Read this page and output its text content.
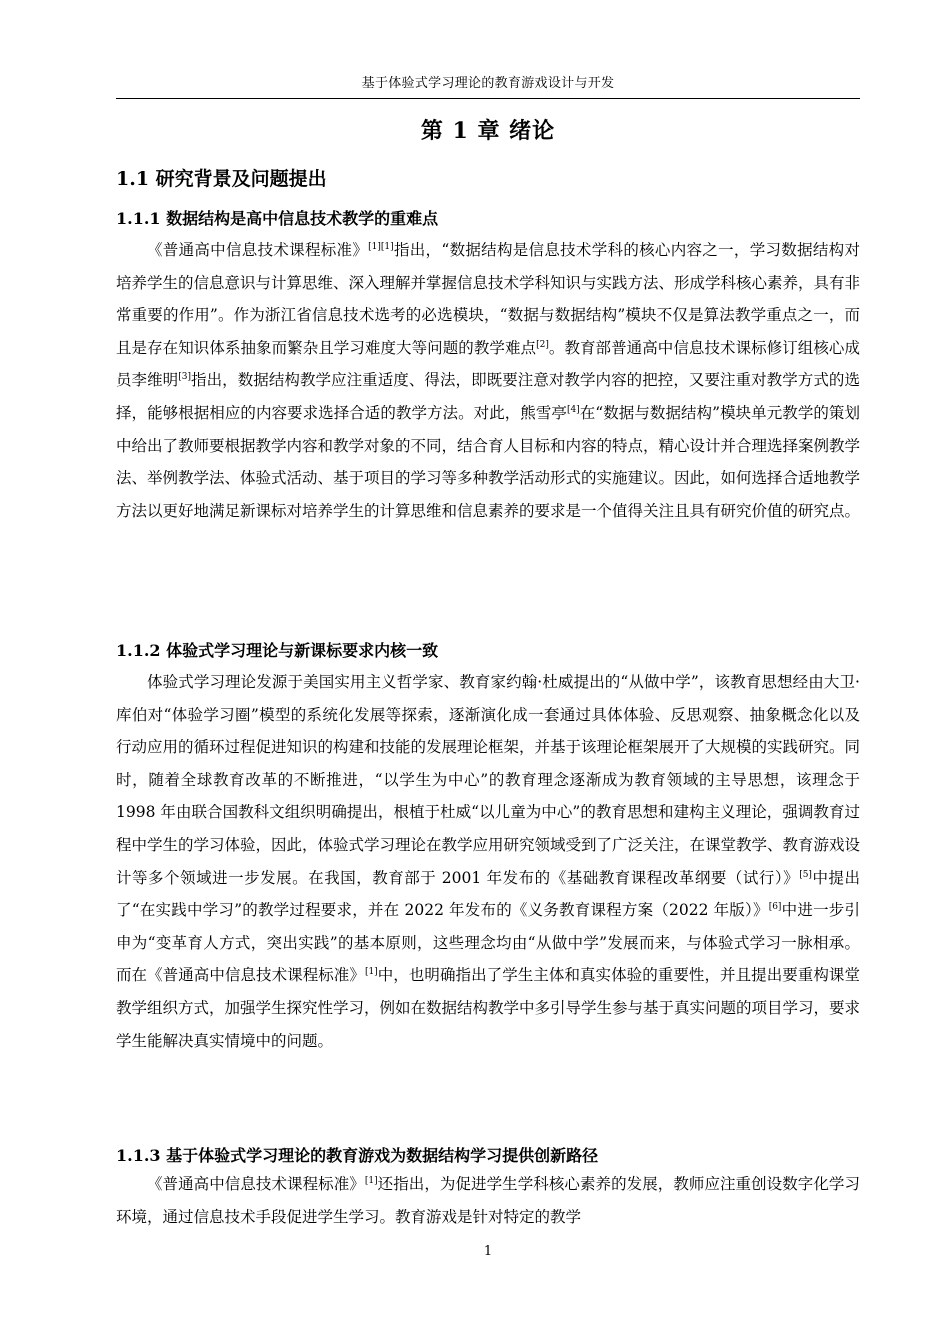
基于体验式学习理论的教育游戏设计与开发
第 1 章 绪论
1.1 研究背景及问题提出
1.1.1 数据结构是高中信息技术教学的重难点

《普通高中信息技术课程标准》[1][1]指出，“数据结构是信息技术学科的核心内容之一，学习数据结构对培养学生的信息意识与计算思维、深入理解并掌握信息技术学科知识与实践方法、形成学科核心素养，具有非常重要的作用”。作为浙江省信息技术选考的必选模块，“数据与数据结构”模块不仅是算法教学重点之一，而且是存在知识体系抽象而繁杂且学习难度大等问题的教学难点[2]。教育部普通高中信息技术课标修订组核心成员李维明[3]指出，数据结构教学应注重适度、得法，即既要注意对教学内容的把控，又要注重对教学方式的选择，能够根据相应的内容要求选择合适的教学方法。对此，熊雪亭[4]在“数据与数据结构”模块单元教学的策划中给出了教师要根据教学内容和教学对象的不同，结合育人目标和内容的特点，精心设计并合理选择案例教学法、举例教学法、体验式活动、基于项目的学习等多种教学活动形式的实施建议。因此，如何选择合适地教学方法以更好地满足新课标对培养学生的计算思维和信息素养的要求是一个值得关注且具有研究价值的研究点。

1.1.2 体验式学习理论与新课标要求内核一致

体验式学习理论发源于美国实用主义哲学家、教育家约翰·杜威提出的“从做中学”，该教育思想经由大卫·库伯对“体验学习圈”模型的系统化发展等探索，逐渐演化成一套通过具体体验、反思观察、抽象概念化以及行动应用的循环过程促进知识的构建和技能的发展理论框架，并基于该理论框架展开了大规模的实践研究。同时，随着全球教育改革的不断推进，“以学生为中心”的教育理念逐渐成为教育领域的主导思想，该理念于 1998 年由联合国教科文组织明确提出，根植于杜威“以儿童为中心”的教育思想和建构主义理论，强调教育过程中学生的学习体验，因此，体验式学习理论在教学应用研究领域受到了广泛关注，在课堂教学、教育游戏设计等多个领域进一步发展。在我国，教育部于 2001 年发布的《基础教育课程改革纲要（试行）》[5]中提出了“在实践中学习”的教学过程要求，并在 2022 年发布的《义务教育课程方案（2022 年版）》[6]中进一步引申为“变革育人方式，突出实践”的基本原则，这些理念均由“从做中学”发展而来，与体验式学习一脉相承。而在《普通高中信息技术课程标准》[1]中，也明确指出了学生主体和真实体验的重要性，并且提出要重构课堂教学组织方式，加强学生探究性学习，例如在数据结构教学中多引导学生参与基于真实问题的项目学习，要求学生能解决真实情境中的问题。

1.1.3 基于体验式学习理论的教育游戏为数据结构学习提供创新路径

《普通高中信息技术课程标准》[1]还指出，为促进学生学科核心素养的发展，教师应注重创设数字化学习环境，通过信息技术手段促进学生学习。教育游戏是针对特定的教学

1
